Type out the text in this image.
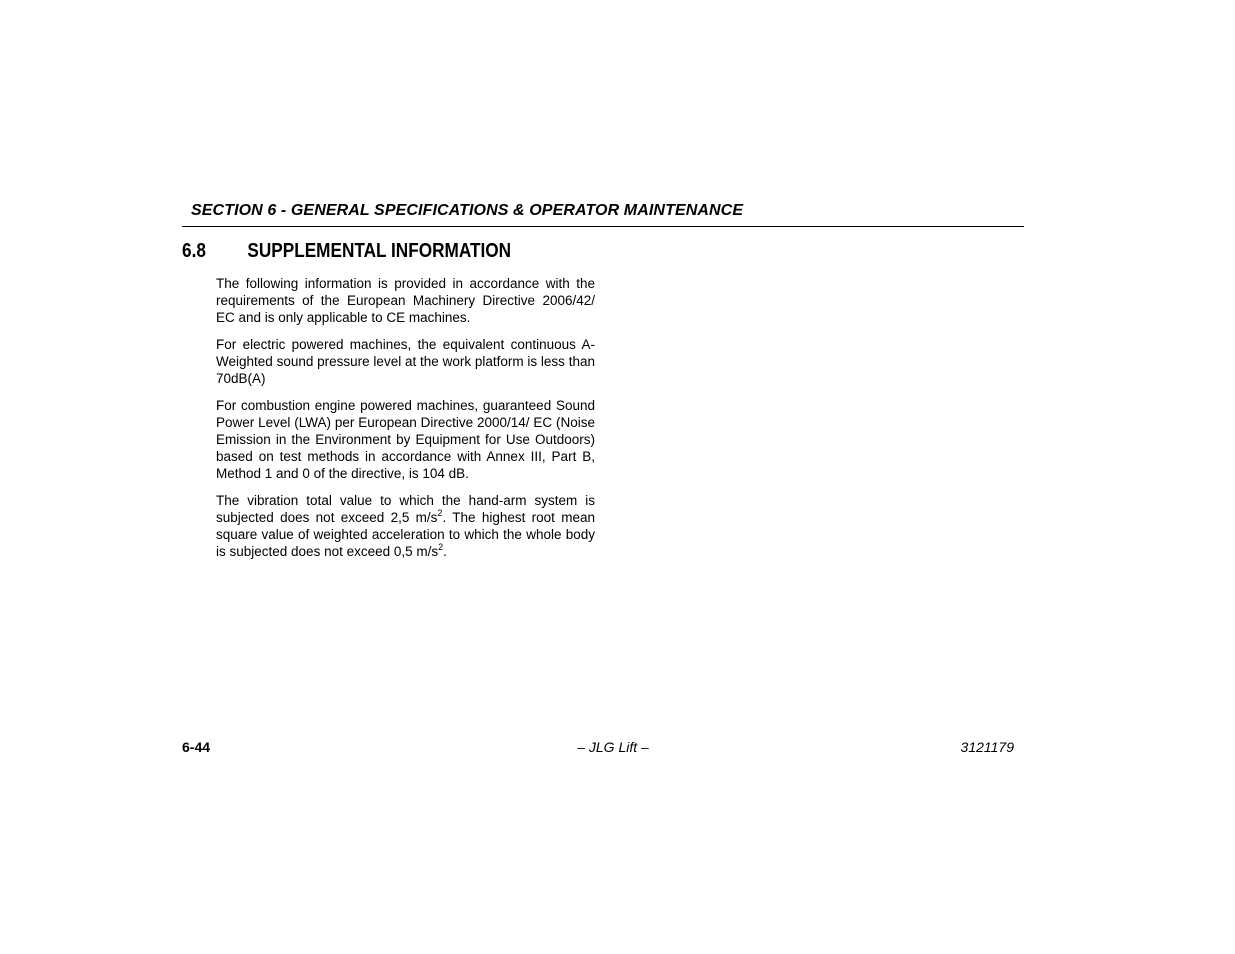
SECTION 6 - GENERAL SPECIFICATIONS & OPERATOR MAINTENANCE
6.8 SUPPLEMENTAL INFORMATION

The following information is provided in accordance with the requirements of the European Machinery Directive 2006/42/ EC and is only applicable to CE machines.

For electric powered machines, the equivalent continuous A-Weighted sound pressure level at the work platform is less than 70dB(A)

For combustion engine powered machines, guaranteed Sound Power Level (LWA) per European Directive 2000/14/ EC (Noise Emission in the Environment by Equipment for Use Outdoors) based on test methods in accordance with Annex III, Part B, Method 1 and 0 of the directive, is 104 dB.

The vibration total value to which the hand-arm system is subjected does not exceed 2,5 $m/s^2$. The highest root mean square value of weighted acceleration to which the whole body is subjected does not exceed 0,5 $m/s^2$.

6-44	– JLG Lift –	3121179
